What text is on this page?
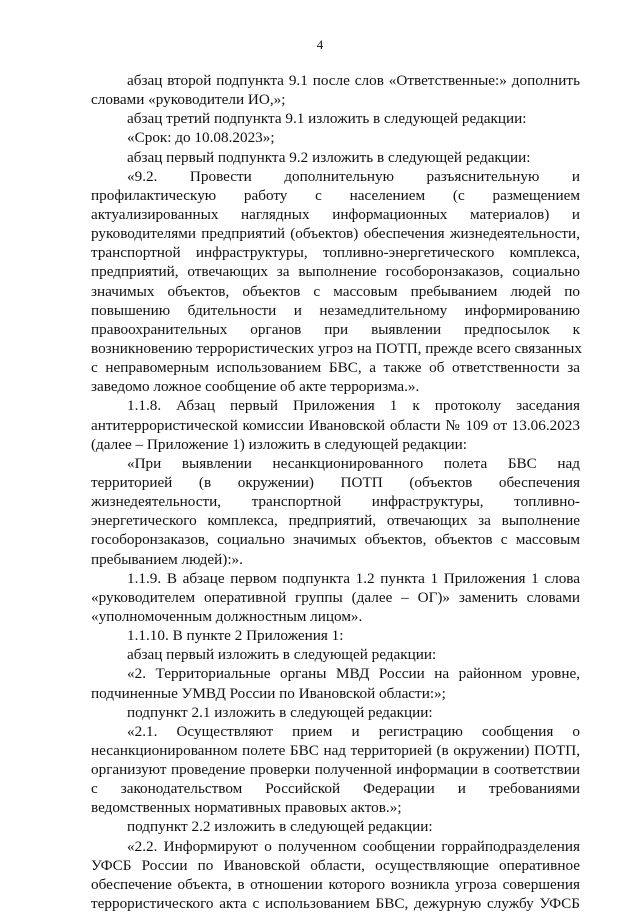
4
абзац второй подпункта 9.1 после слов «Ответственные:» дополнить
словами «руководители ИО,»;
абзац третий подпункта 9.1 изложить в следующей редакции:
«Срок: до 10.08.2023»;
абзац первый подпункта 9.2 изложить в следующей редакции:
«9.2. Провести дополнительную разъяснительную и
профилактическую работу с населением (с размещением
актуализированных наглядных информационных материалов) и
руководителями предприятий (объектов) обеспечения жизнедеятельности,
транспортной инфраструктуры, топливно-энергетического комплекса,
предприятий, отвечающих за выполнение гособоронзаказов, социально
значимых объектов, объектов с массовым пребыванием людей по
повышению бдительности и незамедлительному информированию
правоохранительных органов при выявлении предпосылок к
возникновению террористических угроз на ПОТП, прежде всего связанных
с неправомерным использованием БВС, а также об ответственности за
заведомо ложное сообщение об акте терроризма.».
1.1.8. Абзац первый Приложения 1 к протоколу заседания
антитеррористической комиссии Ивановской области № 109 от 13.06.2023
(далее – Приложение 1) изложить в следующей редакции:
«При выявлении несанкционированного полета БВС над
территорией (в окружении) ПОТП (объектов обеспечения
жизнедеятельности, транспортной инфраструктуры, топливно-
энергетического комплекса, предприятий, отвечающих за выполнение
гособоронзаказов, социально значимых объектов, объектов с массовым
пребыванием людей):».
1.1.9. В абзаце первом подпункта 1.2 пункта 1 Приложения 1 слова
«руководителем оперативной группы (далее – ОГ)» заменить словами
«уполномоченным должностным лицом».
1.1.10. В пункте 2 Приложения 1:
абзац первый изложить в следующей редакции:
«2. Территориальные органы МВД России на районном уровне,
подчиненные УМВД России по Ивановской области:»;
подпункт 2.1 изложить в следующей редакции:
«2.1. Осуществляют прием и регистрацию сообщения о
несанкционированном полете БВС над территорией (в окружении) ПОТП,
организуют проведение проверки полученной информации в соответствии
с законодательством Российской Федерации и требованиями
ведомственных нормативных правовых актов.»;
подпункт 2.2 изложить в следующей редакции:
«2.2. Информируют о полученном сообщении горрайподразделения
УФСБ России по Ивановской области, осуществляющие оперативное
обеспечение объекта, в отношении которого возникла угроза совершения
террористического акта с использованием БВС, дежурную службу УФСБ
